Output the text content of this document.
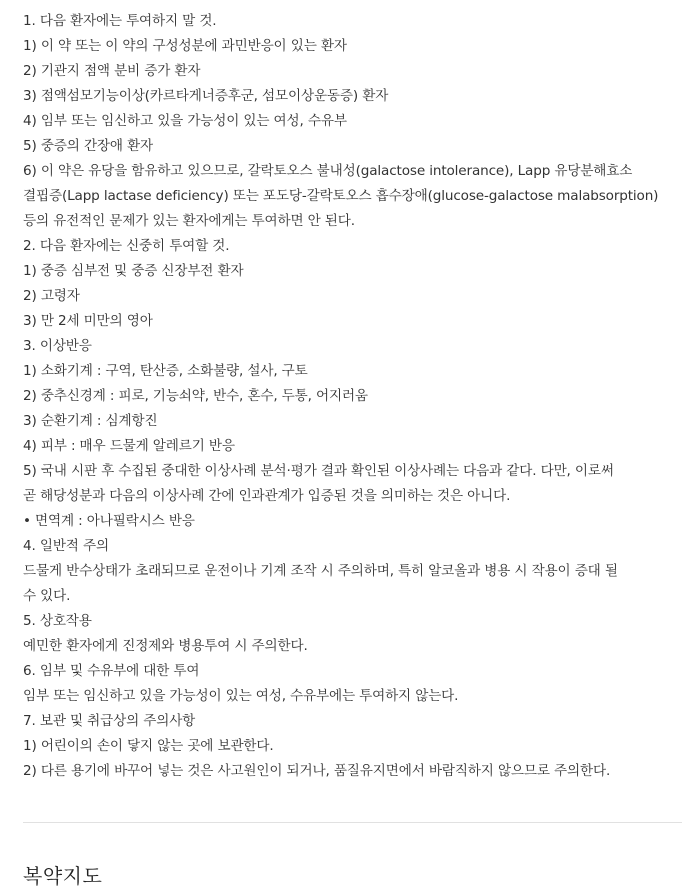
1. 다음 환자에는 투여하지 말 것.
1) 이 약 또는 이 약의 구성성분에 과민반응이 있는 환자
2) 기관지 점액 분비 증가 환자
3) 점액섬모기능이상(카르타게너증후군, 섬모이상운동증) 환자
4) 임부 또는 임신하고 있을 가능성이 있는 여성, 수유부
5) 중증의 간장애 환자
6) 이 약은 유당을 함유하고 있으므로, 갈락토오스 불내성(galactose intolerance), Lapp 유당분해효소
결핍증(Lapp lactase deficiency) 또는 포도당-갈락토오스 흡수장애(glucose-galactose malabsorption)
등의 유전적인 문제가 있는 환자에게는 투여하면 안 된다.
2. 다음 환자에는 신중히 투여할 것.
1) 중증 심부전 및 중증 신장부전 환자
2) 고령자
3) 만 2세 미만의 영아
3. 이상반응
1) 소화기계 : 구역, 탄산증, 소화불량, 설사, 구토
2) 중추신경계 : 피로, 기능쇠약, 반수, 혼수, 두통, 어지러움
3) 순환기계 : 심계항진
4) 피부 : 매우 드물게 알레르기 반응
5) 국내 시판 후 수집된 중대한 이상사례 분석·평가 결과 확인된 이상사례는 다음과 같다. 다만, 이로써
곧 해당성분과 다음의 이상사례 간에 인과관계가 입증된 것을 의미하는 것은 아니다.
• 면역계 : 아나필락시스 반응
4. 일반적 주의
드물게 반수상태가 초래되므로 운전이나 기계 조작 시 주의하며, 특히 알코올과 병용 시 작용이 증대 될
수 있다.
5. 상호작용
예민한 환자에게 진정제와 병용투여 시 주의한다.
6. 임부 및 수유부에 대한 투여
임부 또는 임신하고 있을 가능성이 있는 여성, 수유부에는 투여하지 않는다.
7. 보관 및 취급상의 주의사항
1) 어린이의 손이 닿지 않는 곳에 보관한다.
2) 다른 용기에 바꾸어 넣는 것은 사고원인이 되거나, 품질유지면에서 바람직하지 않으므로 주의한다.
복약지도
